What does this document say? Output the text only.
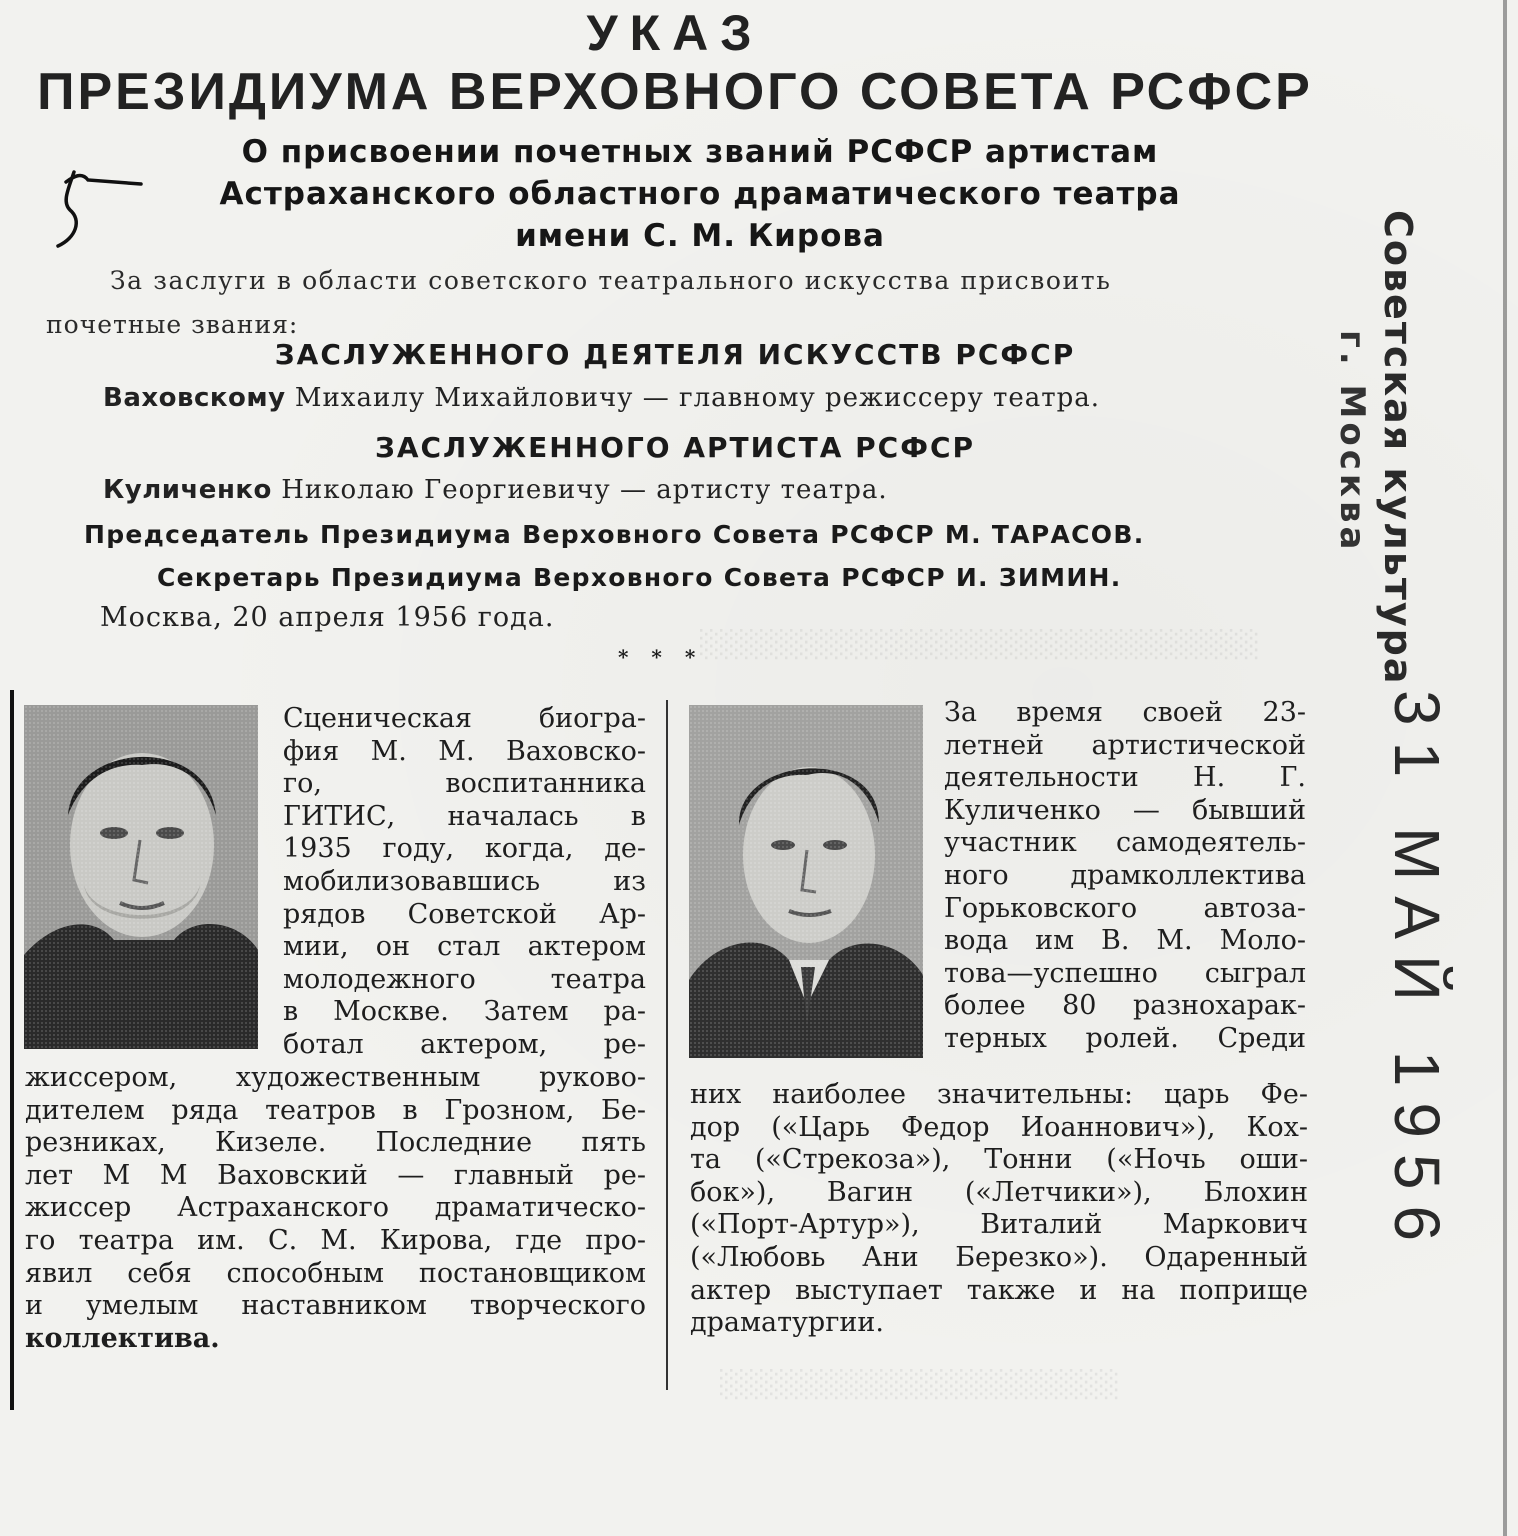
░░░░░░░░░░░░░░░░░░░░░░░░░░░░
░░░░░░░░░░░░░░░░░░░░
УКАЗ
ПРЕЗИДИУМА ВЕРХОВНОГО СОВЕТА РСФСР
О присвоении почетных званий РСФСР артистам
Астраханского областного драматического театра
имени С. М. Кирова

За заслуги в области советского театрального искусства присвоить

почетные звания:

ЗАСЛУЖЕННОГО ДЕЯТЕЛЯ ИСКУССТВ РСФСР

Ваховскому Михаилу Михайловичу — главному режиссеру театра.

ЗАСЛУЖЕННОГО АРТИСТА РСФСР

Куличенко Николаю Георгиевичу — артисту театра.

Председатель Президиума Верховного Совета РСФСР М. ТАРАСОВ.

Секретарь Президиума Верховного Совета РСФСР И. ЗИМИН.

Москва, 20 апреля 1956 года.

* * *

Сценическая биогра-
фия М. М. Ваховско-
го, воспитанника
ГИТИС, началась в
1935 году, когда, де-
мобилизовавшись из
рядов Советской Ар-
мии, он стал актером
молодежного театра
в Москве. Затем ра-
ботал актером, ре-
жиссером, художественным руково-
дителем ряда театров в Грозном, Бе-
резниках, Кизеле. Последние пять
лет М М Ваховский — главный ре-
жиссер Астраханского драматическо-
го театра им. С. М. Кирова, где про-
явил себя способным постановщиком
и умелым наставником творческого
коллектива.
За время своей 23-
летней артистической
деятельности Н. Г.
Куличенко — бывший
участник самодеятель-
ного драмколлектива
Горьковского автоза-
вода им В. М. Моло-
това—успешно сыграл
более 80 разнохарак-
терных ролей. Среди
них наиболее значительны: царь Фе-
дор («Царь Федор Иоаннович»), Кох-
та («Стрекоза»), Тонни («Ночь оши-
бок»), Вагин («Летчики»), Блохин
(«Порт-Артур»), Виталий Маркович
(«Любовь Ани Березко»). Одаренный
актер выступает также и на поприще
драматургии.
Советская культура
г. Москва
31 МАЙ 1956
